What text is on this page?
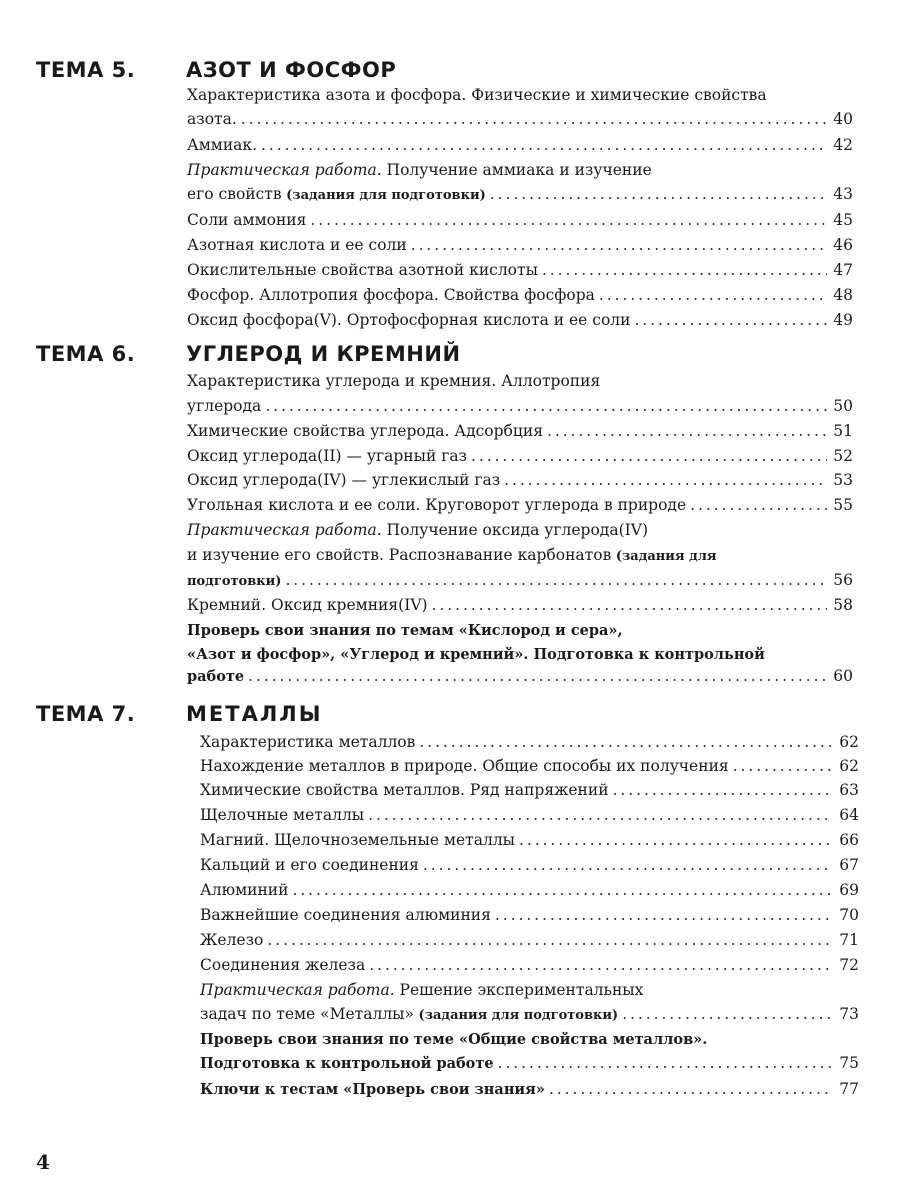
ТЕМА 5.	АЗОТ И ФОСФОР
Характеристика азота и фосфора. Физические и химические свойства
азота. . . .	40
Аммиак. . . .	42
Практическая работа. Получение аммиака и изучение
его свойств (задания для подготовки) . . .	43
Соли аммония . . .	45
Азотная кислота и ее соли . . .	46
Окислительные свойства азотной кислоты . . .	47
Фосфор. Аллотропия фосфора. Свойства фосфора . . .	48
Оксид фосфора(V). Ортофосфорная кислота и ее соли . . .	49
ТЕМА 6.	УГЛЕРОД И КРЕМНИЙ
Характеристика углерода и кремния. Аллотропия
углерода . . .	50
Химические свойства углерода. Адсорбция . . .	51
Оксид углерода(II) — угарный газ . . .	52
Оксид углерода(IV) — углекислый газ . . .	53
Угольная кислота и ее соли. Круговорот углерода в природе . . .	55
Практическая работа. Получение оксида углерода(IV)
и изучение его свойств. Распознавание карбонатов (задания для
подготовки) . . .	56
Кремний. Оксид кремния(IV) . . .	58
Проверь свои знания по темам «Кислород и сера»,
«Азот и фосфор», «Углерод и кремний». Подготовка к контрольной
работе . . .	60
ТЕМА 7.	МЕТАЛЛЫ
Характеристика металлов . . .	62
Нахождение металлов в природе. Общие способы их получения . . .	62
Химические свойства металлов. Ряд напряжений . . .	63
Щелочные металлы . . .	64
Магний. Щелочноземельные металлы . . .	66
Кальций и его соединения . . .	67
Алюминий . . .	69
Важнейшие соединения алюминия . . .	70
Железо . . .	71
Соединения железа . . .	72
Практическая работа. Решение экспериментальных
задач по теме «Металлы» (задания для подготовки) . . .	73
Проверь свои знания по теме «Общие свойства металлов».
Подготовка к контрольной работе . . .	75
Ключи к тестам «Проверь свои знания» . . .	77
4
